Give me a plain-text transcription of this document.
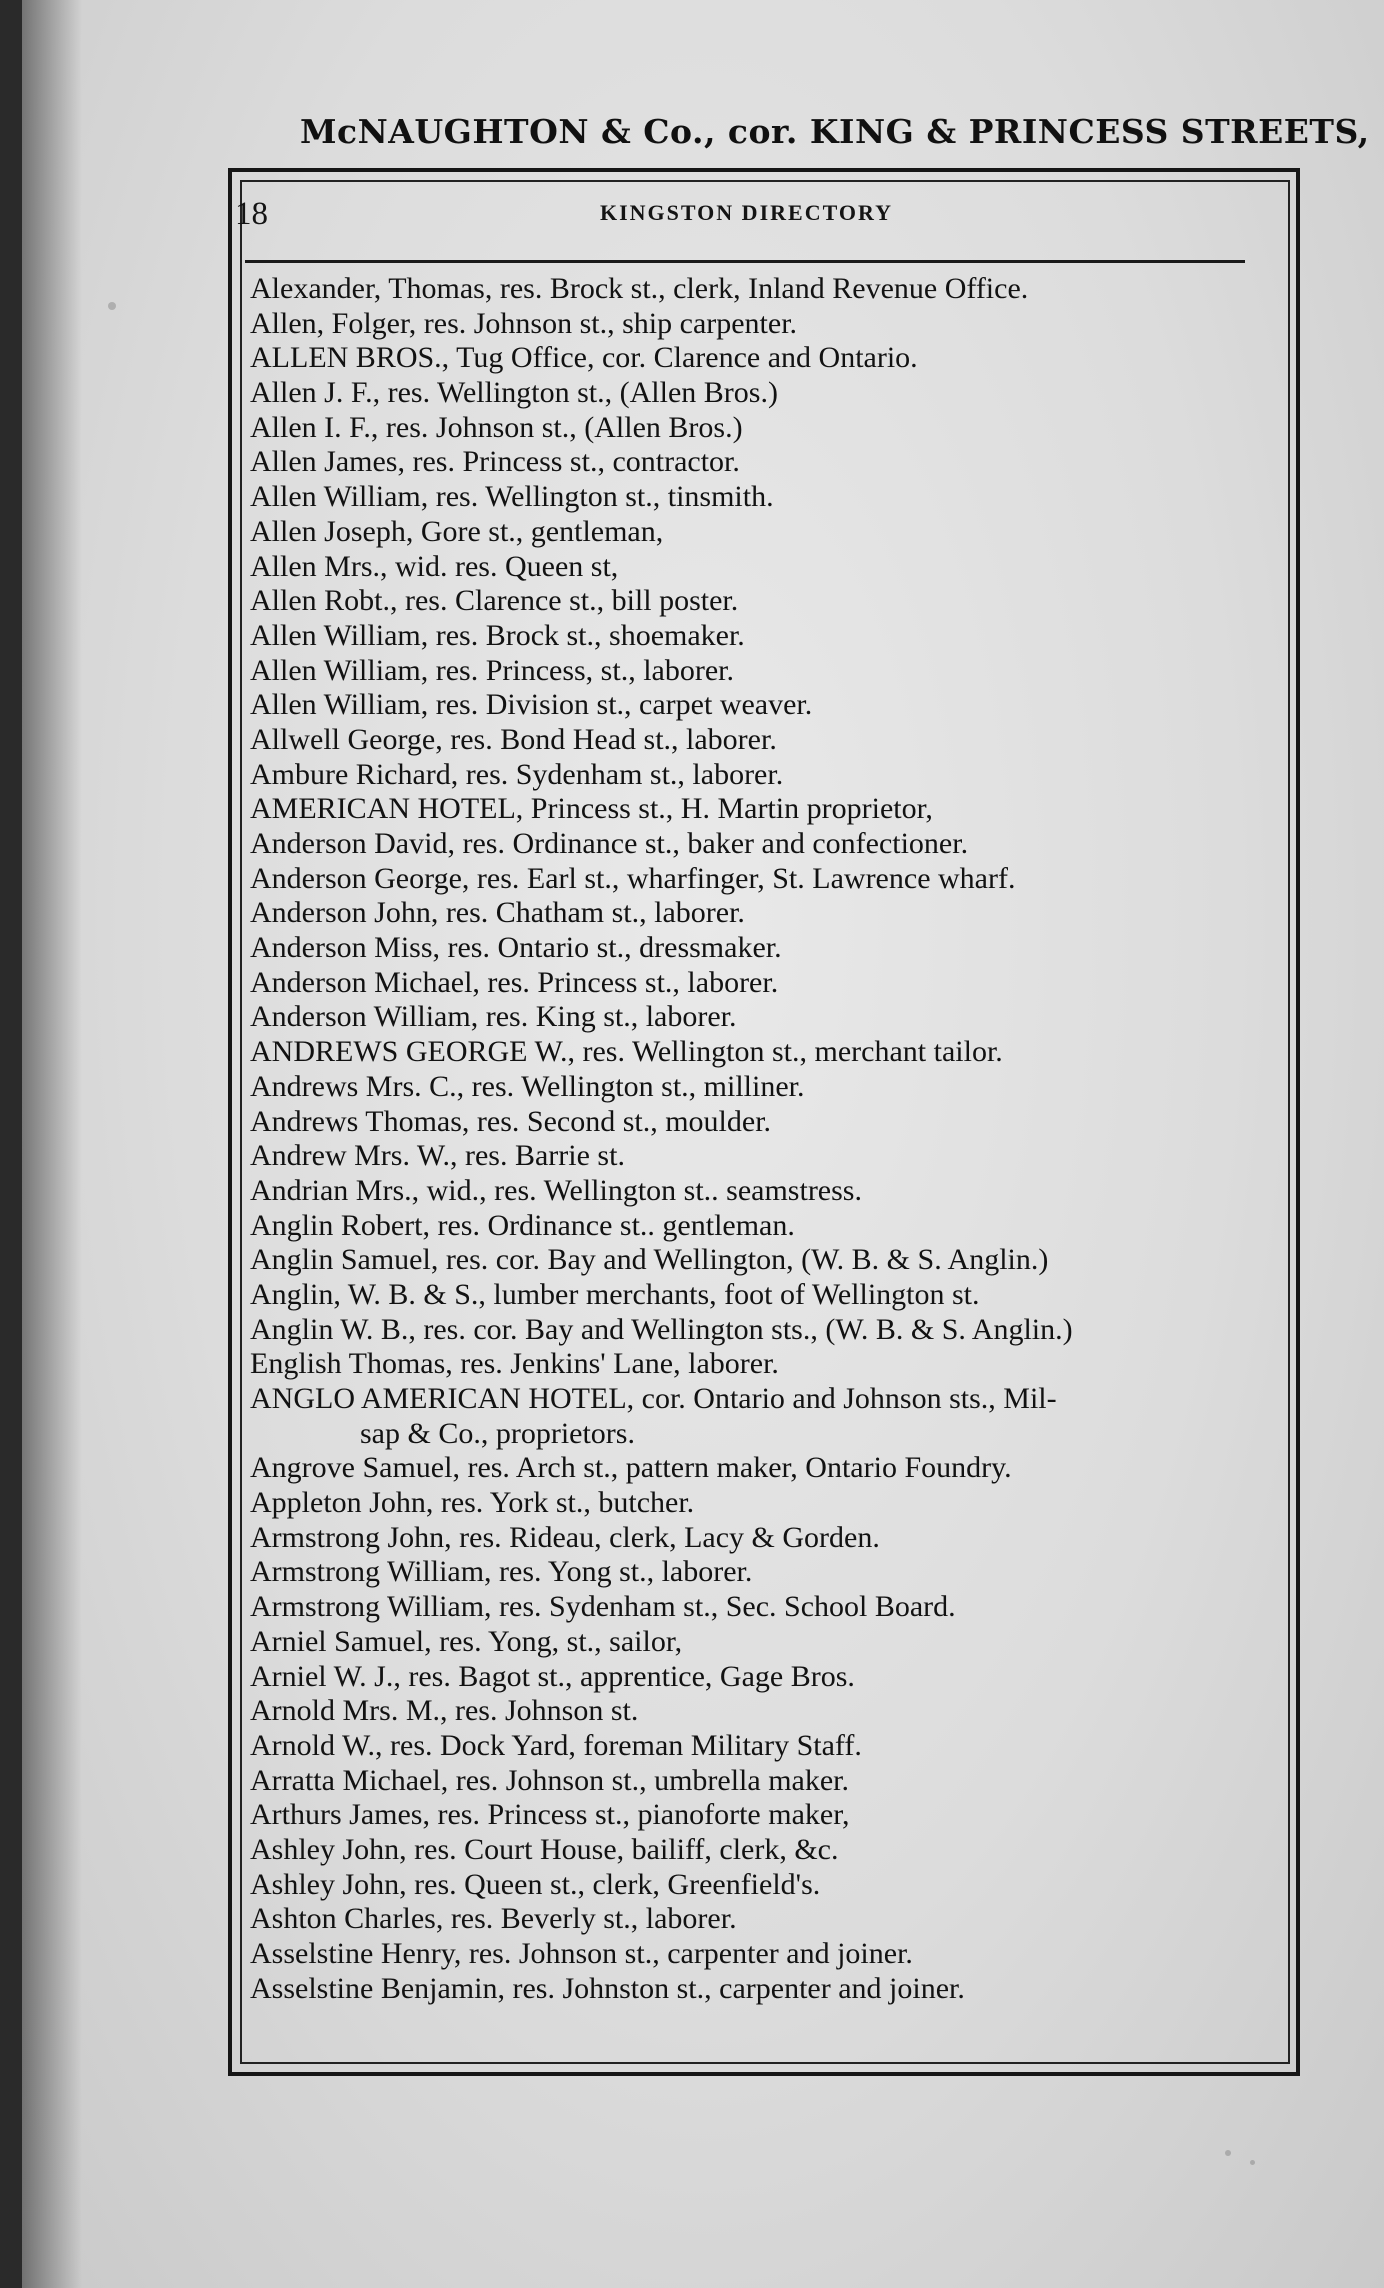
McNAUGHTON & Co., cor. KING & PRINCESS STREETS,
18	KINGSTON DIRECTORY
Alexander, Thomas, res. Brock st., clerk, Inland Revenue Office.
Allen, Folger, res. Johnson st., ship carpenter.
ALLEN BROS., Tug Office, cor. Clarence and Ontario.
Allen J. F., res. Wellington st., (Allen Bros.)
Allen I. F., res. Johnson st., (Allen Bros.)
Allen James, res. Princess st., contractor.
Allen William, res. Wellington st., tinsmith.
Allen Joseph, Gore st., gentleman,
Allen Mrs., wid. res. Queen st,
Allen Robt., res. Clarence st., bill poster.
Allen William, res. Brock st., shoemaker.
Allen William, res. Princess, st., laborer.
Allen William, res. Division st., carpet weaver.
Allwell George, res. Bond Head st., laborer.
Ambure Richard, res. Sydenham st., laborer.
AMERICAN HOTEL, Princess st., H. Martin proprietor,
Anderson David, res. Ordinance st., baker and confectioner.
Anderson George, res. Earl st., wharfinger, St. Lawrence wharf.
Anderson John, res. Chatham st., laborer.
Anderson Miss, res. Ontario st., dressmaker.
Anderson Michael, res. Princess st., laborer.
Anderson William, res. King st., laborer.
ANDREWS GEORGE W., res. Wellington st., merchant tailor.
Andrews Mrs. C., res. Wellington st., milliner.
Andrews Thomas, res. Second st., moulder.
Andrew Mrs. W., res. Barrie st.
Andrian Mrs., wid., res. Wellington st.. seamstress.
Anglin Robert, res. Ordinance st.. gentleman.
Anglin Samuel, res. cor. Bay and Wellington, (W. B. & S. Anglin.)
Anglin, W. B. & S., lumber merchants, foot of Wellington st.
Anglin W. B., res. cor. Bay and Wellington sts., (W. B. & S. Anglin.)
English Thomas, res. Jenkins' Lane, laborer.
ANGLO AMERICAN HOTEL, cor. Ontario and Johnson sts., Mil-
sap & Co., proprietors.
Angrove Samuel, res. Arch st., pattern maker, Ontario Foundry.
Appleton John, res. York st., butcher.
Armstrong John, res. Rideau, clerk, Lacy & Gorden.
Armstrong William, res. Yong st., laborer.
Armstrong William, res. Sydenham st., Sec. School Board.
Arniel Samuel, res. Yong, st., sailor,
Arniel W. J., res. Bagot st., apprentice, Gage Bros.
Arnold Mrs. M., res. Johnson st.
Arnold W., res. Dock Yard, foreman Military Staff.
Arratta Michael, res. Johnson st., umbrella maker.
Arthurs James, res. Princess st., pianoforte maker,
Ashley John, res. Court House, bailiff, clerk, &c.
Ashley John, res. Queen st., clerk, Greenfield's.
Ashton Charles, res. Beverly st., laborer.
Asselstine Henry, res. Johnson st., carpenter and joiner.
Asselstine Benjamin, res. Johnston st., carpenter and joiner.
